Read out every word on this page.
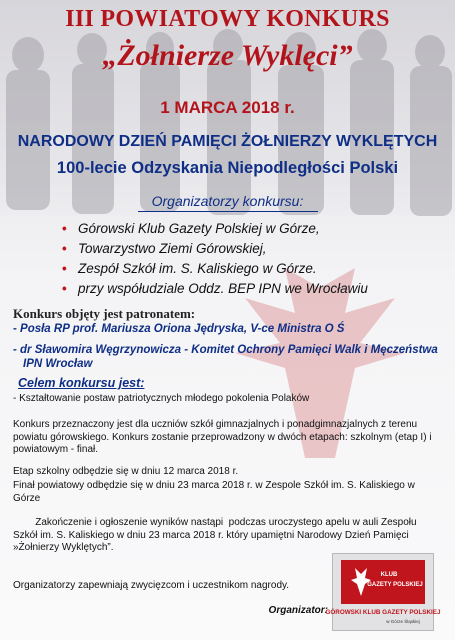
III POWIATOWY KONKURS
„Żołnierze Wyklęci”
1 MARCA 2018 r.
NARODOWY DZIEŃ PAMIĘCI ŻOŁNIERZY WYKLĘTYCH
100-lecie Odzyskania Niepodległości Polski
Organizatorzy konkursu:
• Górowski Klub Gazety Polskiej w Górze,
• Towarzystwo Ziemi Górowskiej,
• Zespół Szkół im. S. Kaliskiego w Górze.
• przy współudziale Oddz. BEP IPN we Wrocławiu
Konkurs objęty jest patronatem:
- Posła RP prof. Mariusza Oriona Jędryska, V-ce Ministra O Ś
- dr Sławomira Węgrzynowicza - Komitet Ochrony Pamięci Walk i Męczeństwa
IPN Wrocław
Celem konkursu jest:
- Kształtowanie postaw patriotycznych młodego pokolenia Polaków
Konkurs przeznaczony jest dla uczniów szkół gimnazjalnych i ponadgimnazjalnych z terenu powiatu górowskiego. Konkurs zostanie przeprowadzony w dwóch etapach: szkolnym (etap I) i powiatowym - finał.
Etap szkolny odbędzie się w dniu 12 marca 2018 r.
Finał powiatowy odbędzie się w dniu 23 marca 2018 r. w Zespole Szkół im. S. Kaliskiego w Górze
Zakończenie i ogłoszenie wyników nastąpi  podczas uroczystego apelu w auli Zespołu Szkół im. S. Kaliskiego w dniu 23 marca 2018 r. który upamiętni Narodowy Dzień Pamięci »Żołnierzy Wyklętych”.
Organizatorzy zapewniają zwycięzcom i uczestnikom nagrody.
Organizator:
KLUB
GAZETY POLSKIEJ
GÓROWSKI KLUB GAZETY POLSKIEJ
w Górze Śląskiej
